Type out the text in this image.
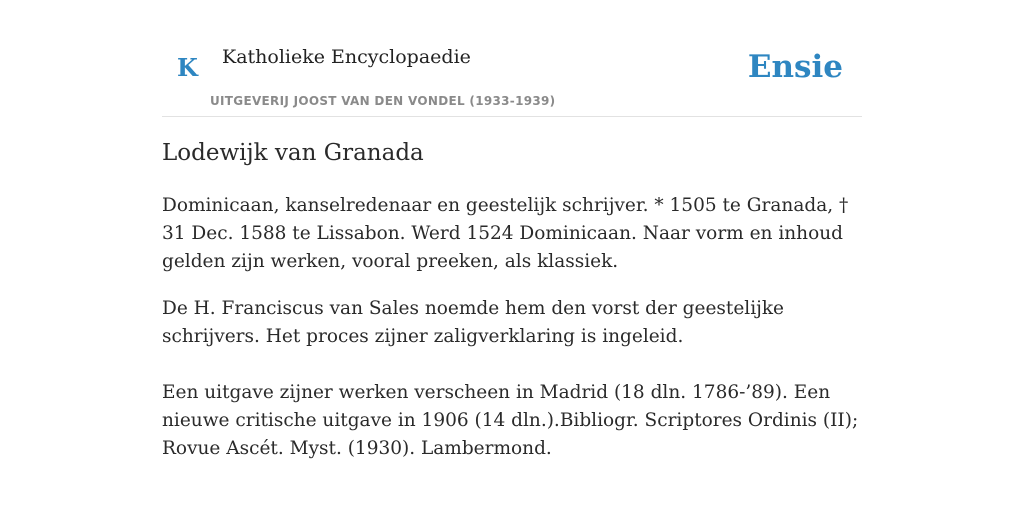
K Katholieke Encyclopaedie
UITGEVERIJ JOOST VAN DEN VONDEL (1933-1939)
Ensie
Lodewijk van Granada

Dominicaan, kanselredenaar en geestelijk schrijver. * 1505 te Granada, † 31 Dec. 1588 te Lissabon. Werd 1524 Dominicaan. Naar vorm en inhoud gelden zijn werken, vooral preeken, als klassiek.

De H. Franciscus van Sales noemde hem den vorst der geestelijke schrijvers. Het proces zijner zaligverklaring is ingeleid.

Een uitgave zijner werken verscheen in Madrid (18 dln. 1786-’89). Een nieuwe critische uitgave in 1906 (14 dln.).Bibliogr. Scriptores Ordinis (II); Rovue Ascét. Myst. (1930). Lambermond.
